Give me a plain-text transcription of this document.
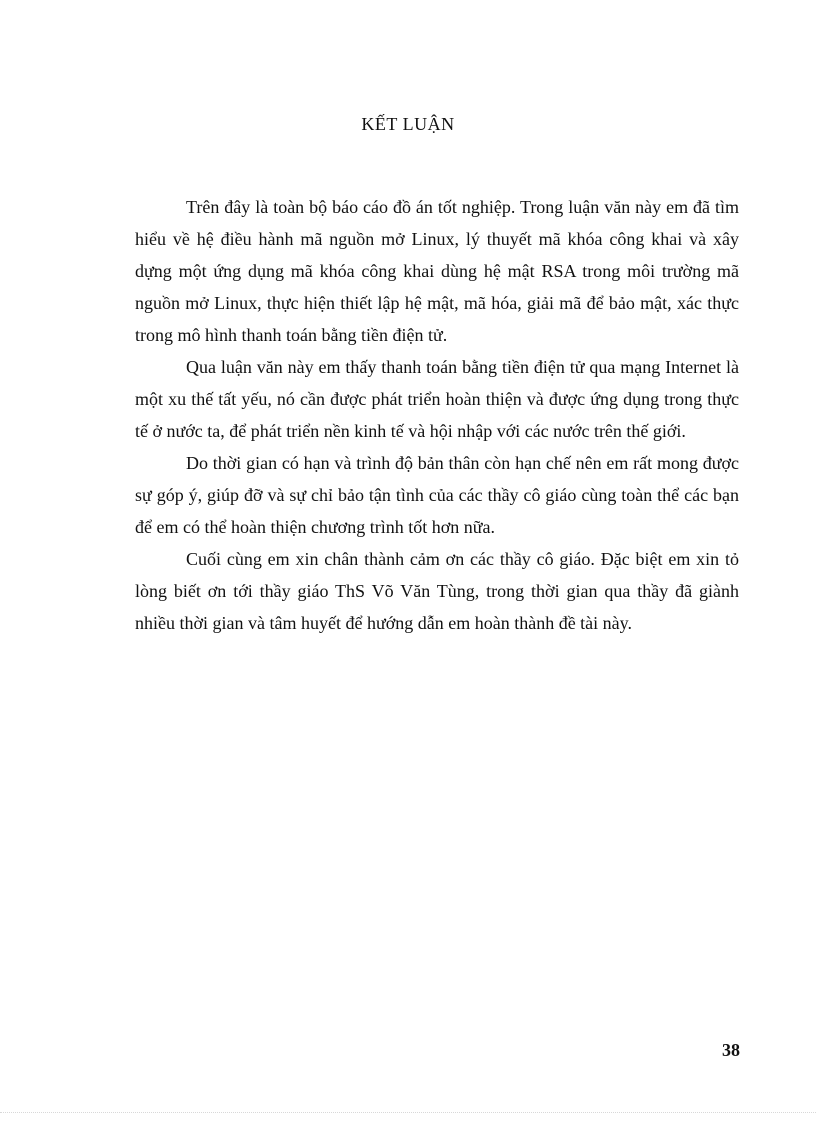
KẾT LUẬN

Trên đây là toàn bộ báo cáo đồ án tốt nghiệp. Trong luận văn này em đã tìm hiểu về hệ điều hành mã nguồn mở Linux, lý thuyết mã khóa công khai và xây dựng một ứng dụng mã khóa công khai dùng hệ mật RSA trong môi trường mã nguồn mở Linux, thực hiện thiết lập hệ mật, mã hóa, giải mã để bảo mật, xác thực trong mô hình thanh toán bằng tiền điện tử.

Qua luận văn này em thấy thanh toán bằng tiền điện tử qua mạng Internet là một xu thế tất yếu, nó cần được phát triển hoàn thiện và được ứng dụng trong thực tế ở nước ta, để phát triển nền kinh tế và hội nhập với các nước trên thế giới.

Do thời gian có hạn và trình độ bản thân còn hạn chế nên em rất mong được sự góp ý, giúp đỡ và sự chỉ bảo tận tình của các thầy cô giáo cùng toàn thể các bạn để em có thể hoàn thiện chương trình tốt hơn nữa.

Cuối cùng em xin chân thành cảm ơn các thầy cô giáo. Đặc biệt em xin tỏ lòng biết ơn tới thầy giáo ThS Võ Văn Tùng, trong thời gian qua thầy đã giành nhiều thời gian và tâm huyết để hướng dẫn em hoàn thành đề tài này.

38
